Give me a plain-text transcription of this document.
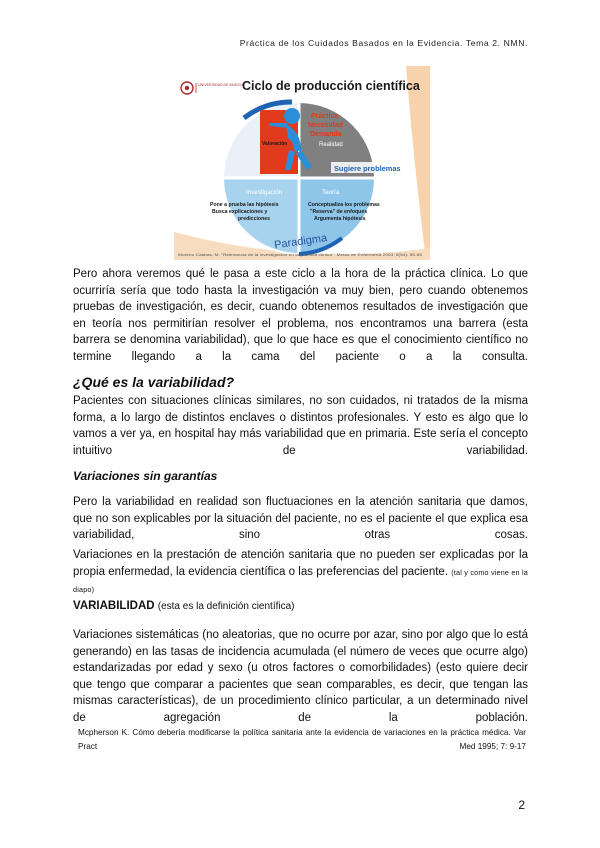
Práctica de los Cuidados Basados en la Evidencia. Tema 2. NMN.
UNIVERSIDAD DE MURCIA
Ciclo de producción científica
Valoración
Práctica
Necesidad
Demanda
Realidad
Sugiere problemas
Investigación	Teoría
Pone a prueba las hipótesis
Busca explicaciones y
predicciones
Conceptualiza los problemas
"Reserva" de enfoques
Argumenta hipótesis
Paradigma
Moreno Casbas, M. "Relevancia de la investigación en la práctica clínica". Metas de Enfermería 2003; 6(54): 50-55
Pero ahora veremos qué le pasa a este ciclo a la hora de la práctica clínica. Lo que ocurriría sería que todo hasta la investigación va muy bien, pero cuando obtenemos pruebas de investigación, es decir, cuando obtenemos resultados de investigación que en teoría nos permitirían resolver el problema, nos encontramos una barrera (esta barrera se denomina variabilidad), que lo que hace es que el conocimiento científico no termine llegando a la cama del paciente o a la consulta.
¿Qué es la variabilidad?
Pacientes con situaciones clínicas similares, no son cuidados, ni tratados de la misma forma, a lo largo de distintos enclaves o distintos profesionales. Y esto es algo que lo vamos a ver ya, en hospital hay más variabilidad que en primaria. Este sería el concepto intuitivo de variabilidad.
Variaciones sin garantías
Pero la variabilidad en realidad son fluctuaciones en la atención sanitaria que damos, que no son explicables por la situación del paciente, no es el paciente el que explica esa variabilidad, sino otras cosas.
Variaciones en la prestación de atención sanitaria que no pueden ser explicadas por la propia enfermedad, la evidencia científica o las preferencias del paciente. (tal y como viene en la diapo)
VARIABILIDAD (esta es la definición científica)
Variaciones sistemáticas (no aleatorias, que no ocurre por azar, sino por algo que lo está generando) en las tasas de incidencia acumulada (el número de veces que ocurre algo) estandarizadas por edad y sexo (u otros factores o comorbilidades) (esto quiere decir que tengo que comparar a pacientes que sean comparables, es decir, que tengan las mismas características), de un procedimiento clínico particular, a un determinado nivel de agregación de la población.
Mcpherson K. Cómo debería modificarse la política sanitaria ante la evidencia de variaciones en la práctica médica. Var Pract	Med 1995; 7: 9-17
2
